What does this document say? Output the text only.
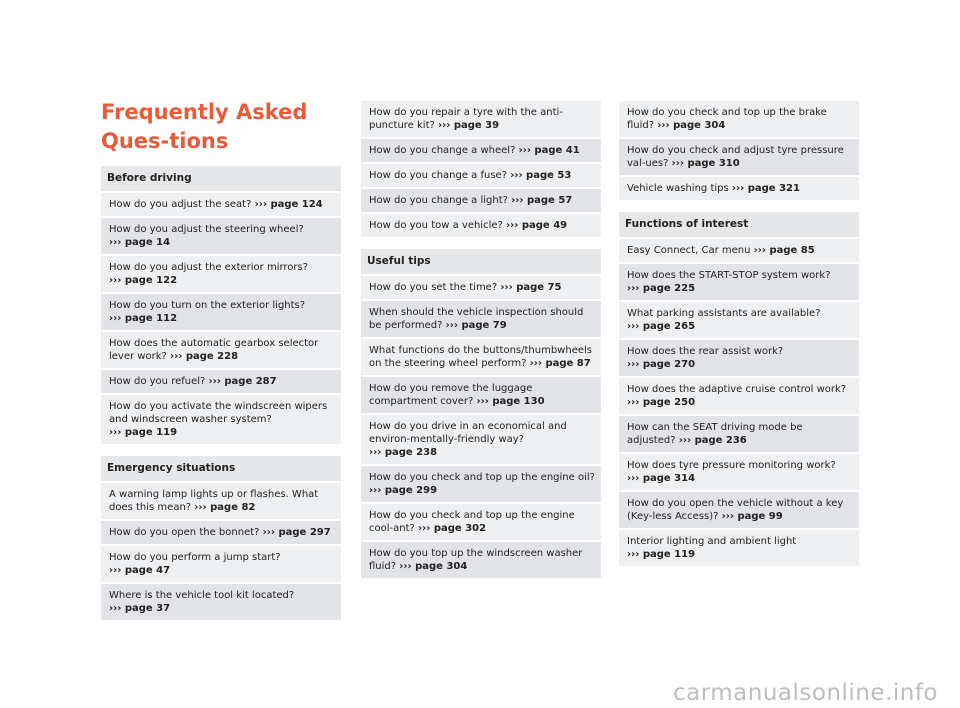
Frequently Asked Ques-tions
Before driving
How do you adjust the seat? ››› page 124
How do you adjust the steering wheel? ››› page 14
How do you adjust the exterior mirrors? ››› page 122
How do you turn on the exterior lights? ››› page 112
How does the automatic gearbox selector lever work? ››› page 228
How do you refuel? ››› page 287
How do you activate the windscreen wipers and windscreen washer system? ››› page 119
Emergency situations
A warning lamp lights up or flashes. What does this mean? ››› page 82
How do you open the bonnet? ››› page 297
How do you perform a jump start? ››› page 47
Where is the vehicle tool kit located? ››› page 37
How do you repair a tyre with the anti-puncture kit? ››› page 39
How do you change a wheel? ››› page 41
How do you change a fuse? ››› page 53
How do you change a light? ››› page 57
How do you tow a vehicle? ››› page 49
Useful tips
How do you set the time? ››› page 75
When should the vehicle inspection should be performed? ››› page 79
What functions do the buttons/thumbwheels on the steering wheel perform? ››› page 87
How do you remove the luggage compartment cover? ››› page 130
How do you drive in an economical and environ-mentally-friendly way? ››› page 238
How do you check and top up the engine oil? ››› page 299
How do you check and top up the engine cool-ant? ››› page 302
How do you top up the windscreen washer fluid? ››› page 304
How do you check and top up the brake fluid? ››› page 304
How do you check and adjust tyre pressure val-ues? ››› page 310
Vehicle washing tips ››› page 321
Functions of interest
Easy Connect, Car menu ››› page 85
How does the START-STOP system work? ››› page 225
What parking assistants are available? ››› page 265
How does the rear assist work? ››› page 270
How does the adaptive cruise control work? ››› page 250
How can the SEAT driving mode be adjusted? ››› page 236
How does tyre pressure monitoring work? ››› page 314
How do you open the vehicle without a key (Key-less Access)? ››› page 99
Interior lighting and ambient light ››› page 119
carmanualsonline.info
